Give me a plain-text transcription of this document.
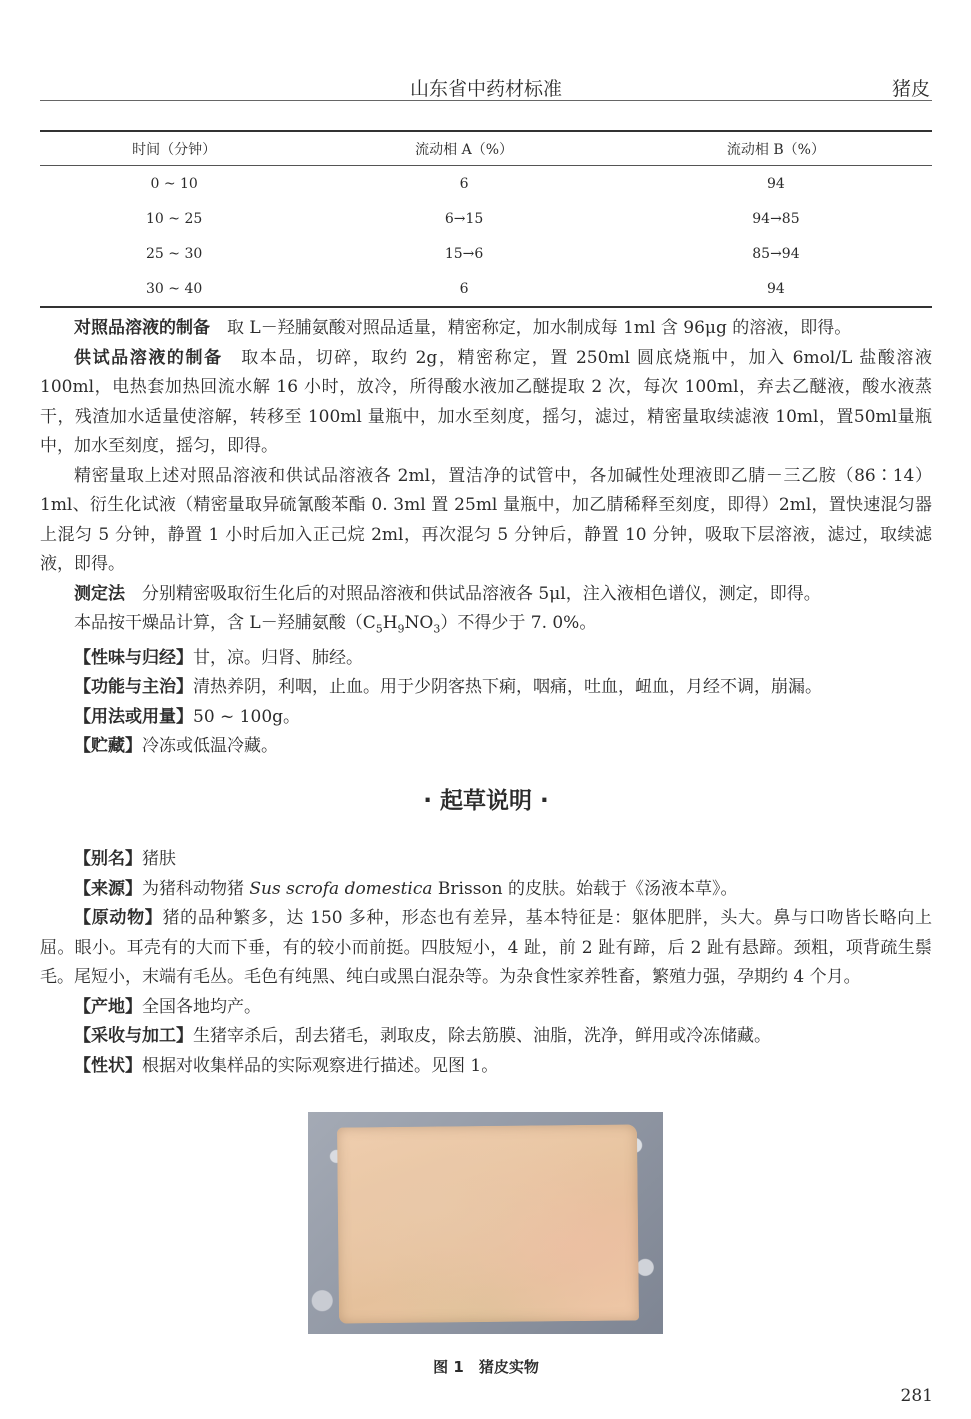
山东省中药材标准	猪皮
时间（分钟）	流动相 A（%）	流动相 B（%）
0 ~ 10	6	94
10 ~ 25	6→15	94→85
25 ~ 30	15→6	85→94
30 ~ 40	6	94

对照品溶液的制备　 取 L－羟脯氨酸对照品适量，精密称定，加水制成每 1ml 含 96μg 的溶液，即得。

供试品溶液的制备　 取本品，切碎，取约 2g，精密称定，置 250ml 圆底烧瓶中，加入 6mol/L 盐酸溶液 100ml，电热套加热回流水解 16 小时，放冷，所得酸水液加乙醚提取 2 次，每次 100ml，弃去乙醚液，酸水液蒸干，残渣加水适量使溶解，转移至 100ml 量瓶中，加水至刻度，摇匀，滤过，精密量取续滤液 10ml，置50ml量瓶中，加水至刻度，摇匀，即得。

精密量取上述对照品溶液和供试品溶液各 2ml，置洁净的试管中，各加碱性处理液即乙腈－三乙胺（86∶14）1ml、衍生化试液（精密量取异硫氰酸苯酯 0. 3ml 置 25ml 量瓶中，加乙腈稀释至刻度，即得）2ml，置快速混匀器上混匀 5 分钟，静置 1 小时后加入正己烷 2ml，再次混匀 5 分钟后，静置 10 分钟，吸取下层溶液，滤过，取续滤液，即得。

测定法　 分别精密吸取衍生化后的对照品溶液和供试品溶液各 5μl，注入液相色谱仪，测定，即得。

本品按干燥品计算，含 L－羟脯氨酸$(C_5H_9NO_3)$不得少于 7. 0%。

【性味与归经】甘，凉。归肾、肺经。

【功能与主治】清热养阴，利咽，止血。用于少阴客热下痢，咽痛，吐血，衄血，月经不调，崩漏。

【用法或用量】50 ~ 100g。

【贮藏】冷冻或低温冷藏。

· 起草说明 ·

【别名】猪肤

【来源】为猪科动物猪 Sus scrofa domestica Brisson 的皮肤。始载于《汤液本草》。

【原动物】猪的品种繁多，达 150 多种，形态也有差异，基本特征是：躯体肥胖，头大。鼻与口吻皆长略向上屈。眼小。耳壳有的大而下垂，有的较小而前挺。四肢短小，4 趾，前 2 趾有蹄，后 2 趾有悬蹄。颈粗，项背疏生鬃毛。尾短小，末端有毛丛。毛色有纯黑、纯白或黑白混杂等。为杂食性家养牲畜，繁殖力强，孕期约 4 个月。

【产地】全国各地均产。

【采收与加工】生猪宰杀后，刮去猪毛，剥取皮，除去筋膜、油脂，洗净，鲜用或冷冻储藏。

【性状】根据对收集样品的实际观察进行描述。见图 1。

图 1　猪皮实物
281
